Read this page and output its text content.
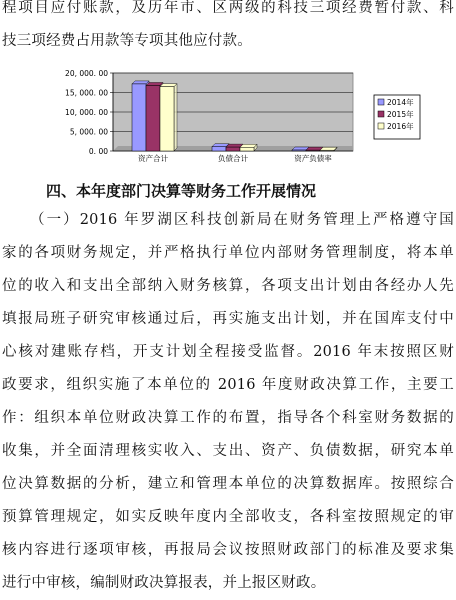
程项目应付账款，及历年市、区两级的科技三项经费暂付款、科
技三项经费占用款等专项其他应付款。
0. 00
5, 000. 00
10, 000. 00
15, 000. 00
20, 000. 00
资产合计	负债合计	资产负债率
2014年
2015年
2016年
四、本年度部门决算等财务工作开展情况
（一）2016 年罗湖区科技创新局在财务管理上严格遵守国
家的各项财务规定，并严格执行单位内部财务管理制度，将本单
位的收入和支出全部纳入财务核算，各项支出计划由各经办人先
填报局班子研究审核通过后，再实施支出计划，并在国库支付中
心核对建账存档，开支计划全程接受监督。2016 年末按照区财
政要求，组织实施了本单位的 2016 年度财政决算工作，主要工
作：组织本单位财政决算工作的布置，指导各个科室财务数据的
收集，并全面清理核实收入、支出、资产、负债数据，研究本单
位决算数据的分析，建立和管理本单位的决算数据库。按照综合
预算管理规定，如实反映年度内全部收支，各科室按照规定的审
核内容进行逐项审核，再报局会议按照财政部门的标准及要求集
进行中审核，编制财政决算报表，并上报区财政。
